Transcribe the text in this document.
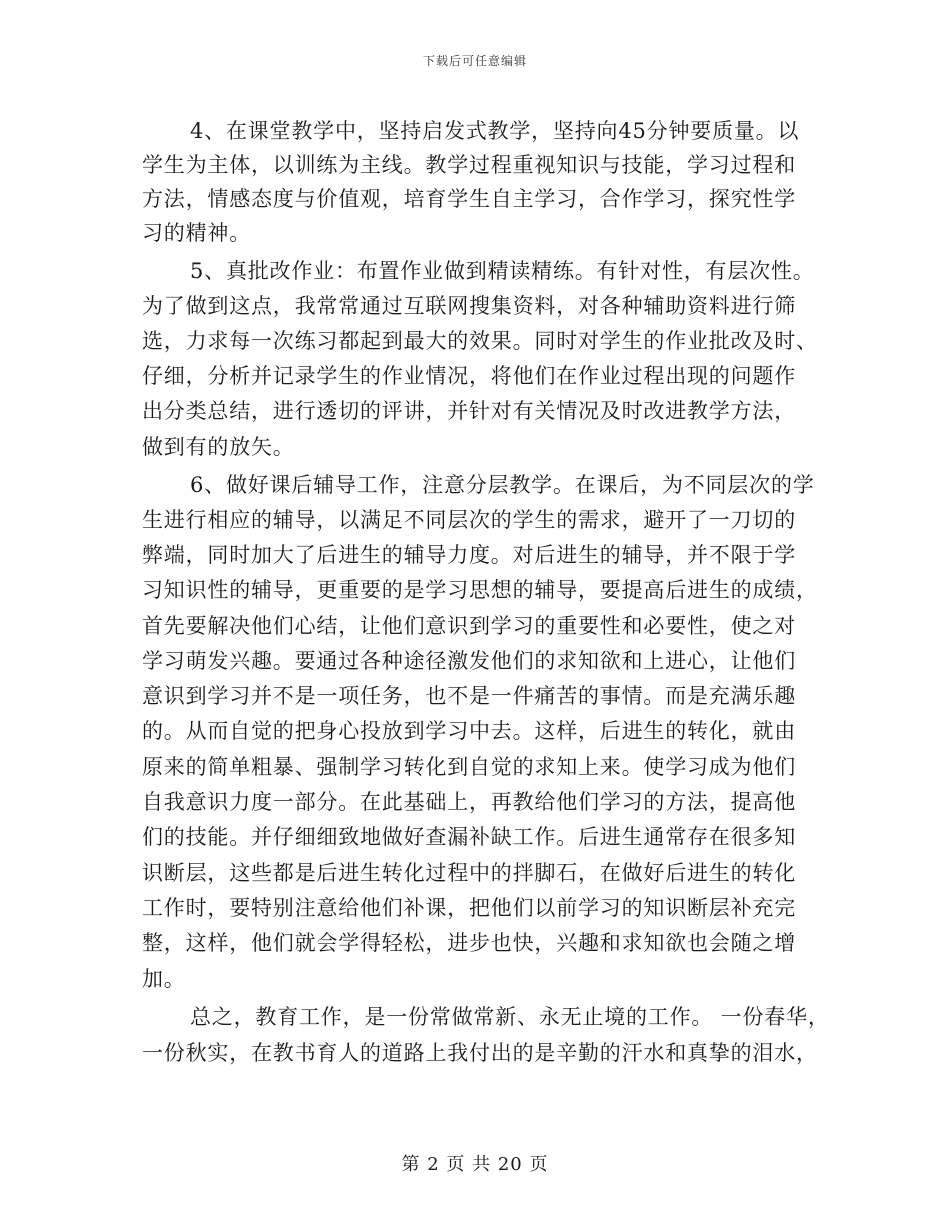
下载后可任意编辑
4、在课堂教学中，坚持启发式教学，坚持向45分钟要质量。以
学生为主体，以训练为主线。教学过程重视知识与技能，学习过程和
方法，情感态度与价值观，培育学生自主学习，合作学习，探究性学
习的精神。
5、真批改作业：布置作业做到精读精练。有针对性，有层次性。
为了做到这点，我常常通过互联网搜集资料，对各种辅助资料进行筛
选，力求每一次练习都起到最大的效果。同时对学生的作业批改及时、
仔细，分析并记录学生的作业情况，将他们在作业过程出现的问题作
出分类总结，进行透切的评讲，并针对有关情况及时改进教学方法，
做到有的放矢。
6、做好课后辅导工作，注意分层教学。在课后，为不同层次的学
生进行相应的辅导，以满足不同层次的学生的需求，避开了一刀切的
弊端，同时加大了后进生的辅导力度。对后进生的辅导，并不限于学
习知识性的辅导，更重要的是学习思想的辅导，要提高后进生的成绩，
首先要解决他们心结，让他们意识到学习的重要性和必要性，使之对
学习萌发兴趣。要通过各种途径激发他们的求知欲和上进心，让他们
意识到学习并不是一项任务，也不是一件痛苦的事情。而是充满乐趣
的。从而自觉的把身心投放到学习中去。这样，后进生的转化，就由
原来的简单粗暴、强制学习转化到自觉的求知上来。使学习成为他们
自我意识力度一部分。在此基础上，再教给他们学习的方法，提高他
们的技能。并仔细细致地做好查漏补缺工作。后进生通常存在很多知
识断层，这些都是后进生转化过程中的拌脚石，在做好后进生的转化
工作时，要特别注意给他们补课，把他们以前学习的知识断层补充完
整，这样，他们就会学得轻松，进步也快，兴趣和求知欲也会随之增
加。
总之，教育工作，是一份常做常新、永无止境的工作。 一份春华，
一份秋实，在教书育人的道路上我付出的是辛勤的汗水和真挚的泪水，
第 2 页 共 20 页
